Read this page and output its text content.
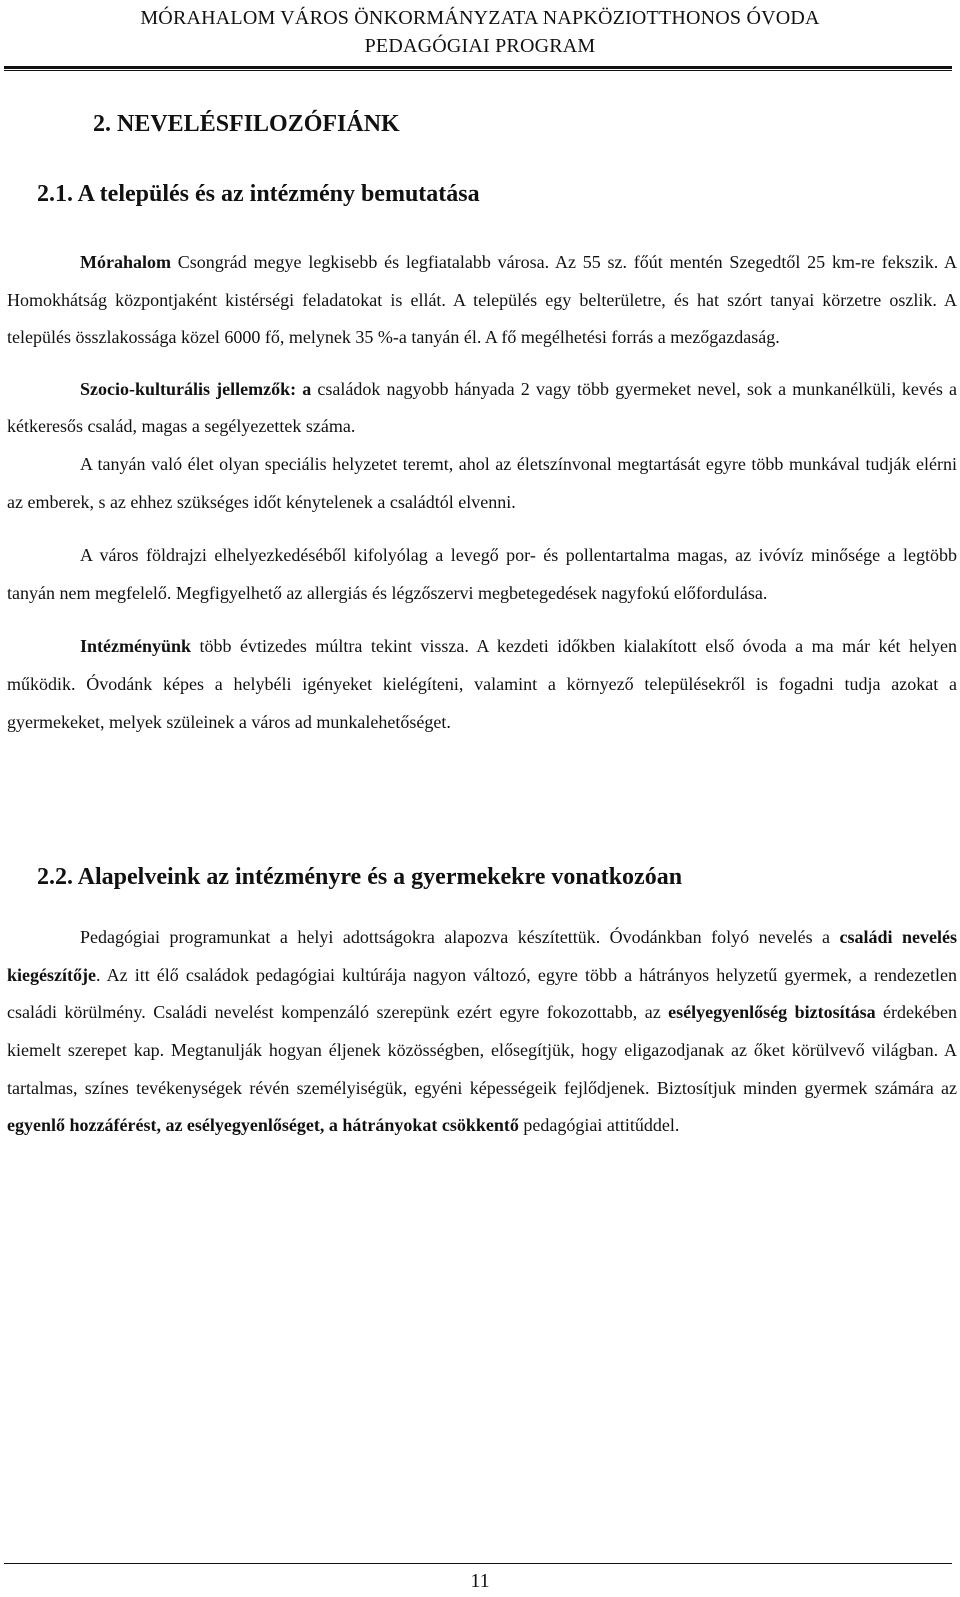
MÓRAHALOM VÁROS ÖNKORMÁNYZATA NAPKÖZIOTTHONOS ÓVODA
PEDAGÓGIAI PROGRAM
2. NEVELÉSFILOZÓFIÁNK
2.1. A település és az intézmény bemutatása

Mórahalom Csongrád megye legkisebb és legfiatalabb városa. Az 55 sz. főút mentén Szegedtől 25 km-re fekszik. A Homokhátság központjaként kistérségi feladatokat is ellát. A település egy belterületre, és hat szórt tanyai körzetre oszlik. A település összlakossága közel 6000 fő, melynek 35 %-a tanyán él. A fő megélhetési forrás a mezőgazdaság.

Szocio-kulturális jellemzők: a családok nagyobb hányada 2 vagy több gyermeket nevel, sok a munkanélküli, kevés a kétkeresős család, magas a segélyezettek száma.

A tanyán való élet olyan speciális helyzetet teremt, ahol az életszínvonal megtartását egyre több munkával tudják elérni az emberek, s az ehhez szükséges időt kénytelenek a családtól elvenni.

A város földrajzi elhelyezkedéséből kifolyólag a levegő por- és pollentartalma magas, az ivóvíz minősége a legtöbb tanyán nem megfelelő. Megfigyelhető az allergiás és légzőszervi megbetegedések nagyfokú előfordulása.

Intézményünk több évtizedes múltra tekint vissza. A kezdeti időkben kialakított első óvoda a ma már két helyen működik. Óvodánk képes a helybéli igényeket kielégíteni, valamint a környező településekről is fogadni tudja azokat a gyermekeket, melyek szüleinek a város ad munkalehetőséget.

2.2. Alapelveink az intézményre és a gyermekekre vonatkozóan

Pedagógiai programunkat a helyi adottságokra alapozva készítettük. Óvodánkban folyó nevelés a családi nevelés kiegészítője. Az itt élő családok pedagógiai kultúrája nagyon változó, egyre több a hátrányos helyzetű gyermek, a rendezetlen családi körülmény. Családi nevelést kompenzáló szerepünk ezért egyre fokozottabb, az esélyegyenlőség biztosítása érdekében kiemelt szerepet kap. Megtanulják hogyan éljenek közösségben, elősegítjük, hogy eligazodjanak az őket körülvevő világban. A tartalmas, színes tevékenységek révén személyiségük, egyéni képességeik fejlődjenek. Biztosítjuk minden gyermek számára az egyenlő hozzáférést, az esélyegyenlőséget, a hátrányokat csökkentő pedagógiai attitűddel.

11
